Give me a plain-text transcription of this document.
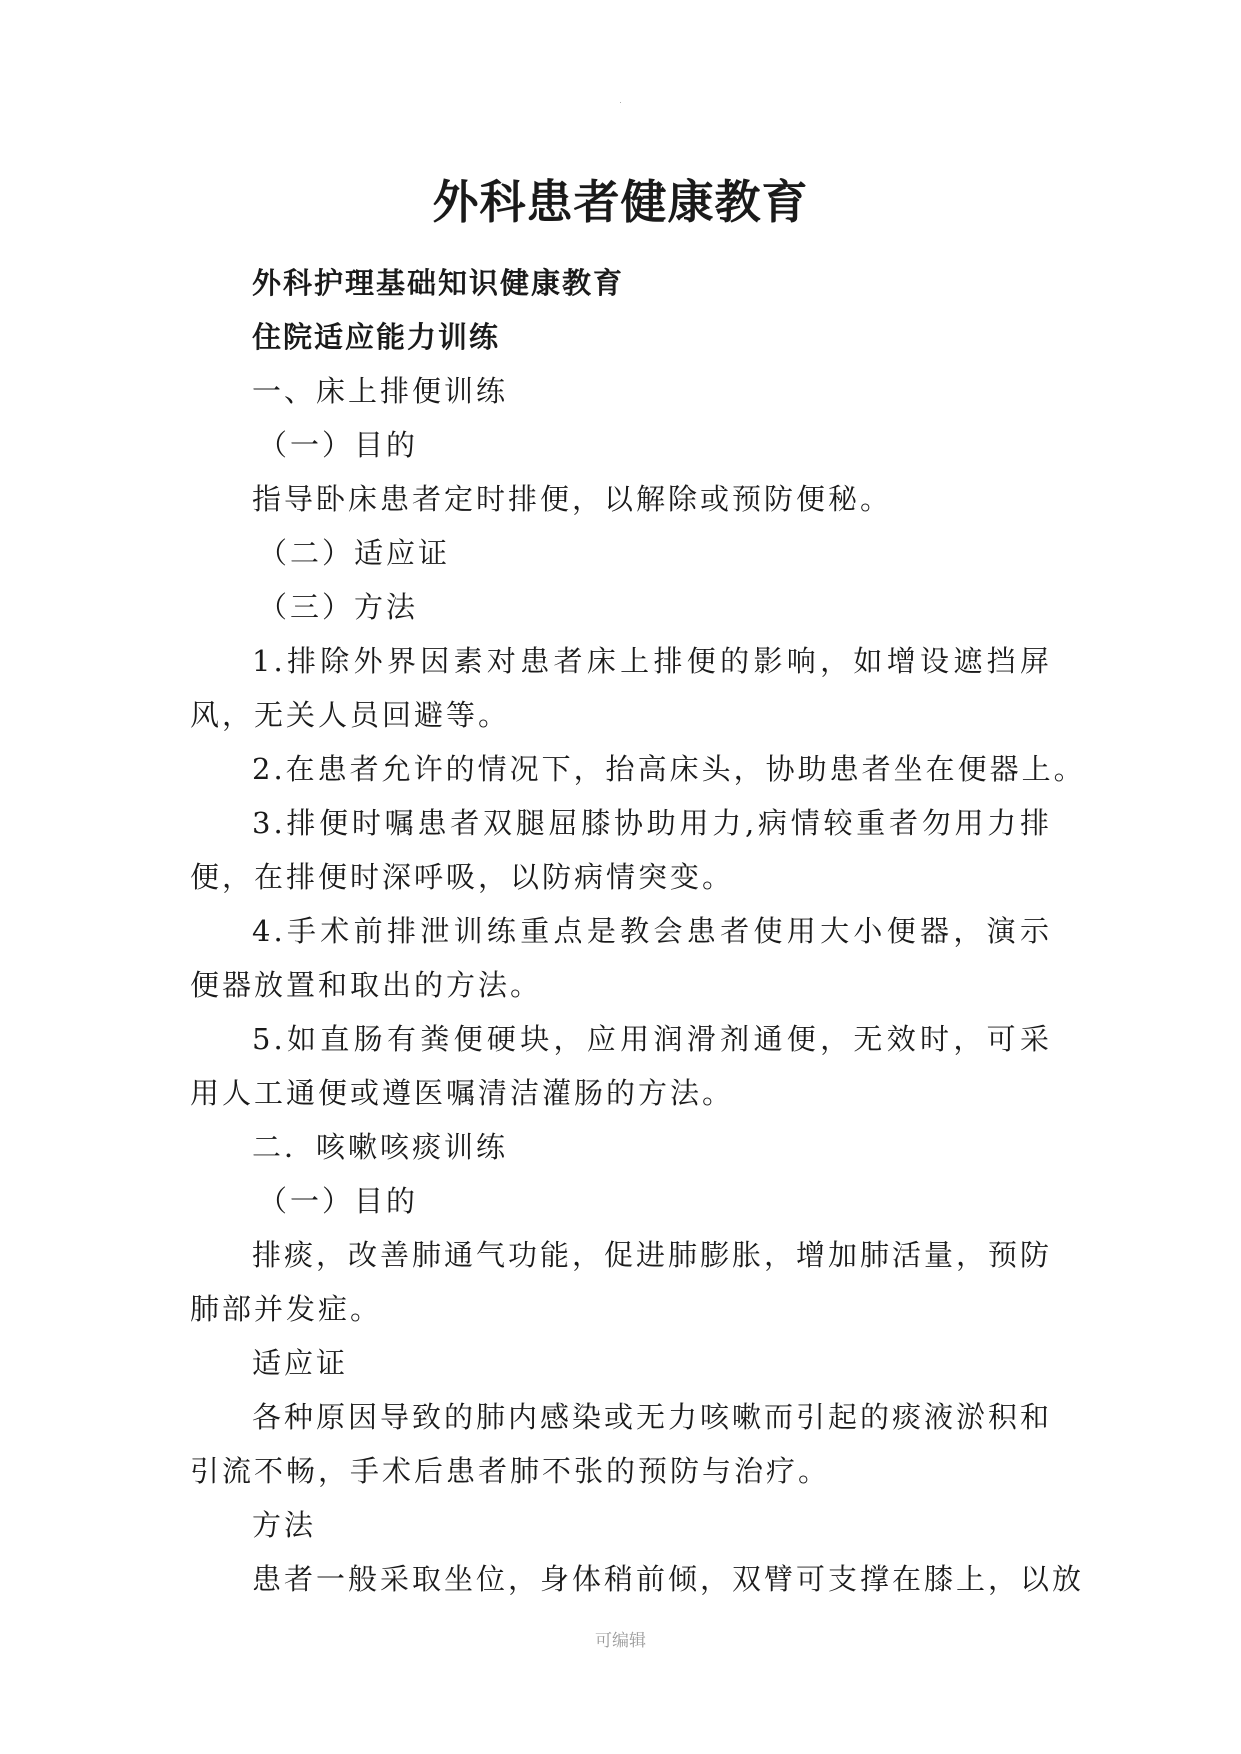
.
外科患者健康教育

外科护理基础知识健康教育

住院适应能力训练

一、床上排便训练

（一）目的

指导卧床患者定时排便，以解除或预防便秘。

（二）适应证

（三）方法

1.排除外界因素对患者床上排便的影响，如增设遮挡屏风，无关人员回避等。

2.在患者允许的情况下，抬高床头，协助患者坐在便器上。

3.排便时嘱患者双腿屈膝协助用力,病情较重者勿用力排便，在排便时深呼吸，以防病情突变。

4.手术前排泄训练重点是教会患者使用大小便器，演示便器放置和取出的方法。

5.如直肠有粪便硬块，应用润滑剂通便，无效时，可采用人工通便或遵医嘱清洁灌肠的方法。

二．咳嗽咳痰训练

（一）目的

排痰，改善肺通气功能，促进肺膨胀，增加肺活量，预防肺部并发症。

适应证

各种原因导致的肺内感染或无力咳嗽而引起的痰液淤积和引流不畅，手术后患者肺不张的预防与治疗。

方法

患者一般采取坐位，身体稍前倾，双臂可支撑在膝上，以放

可编辑
